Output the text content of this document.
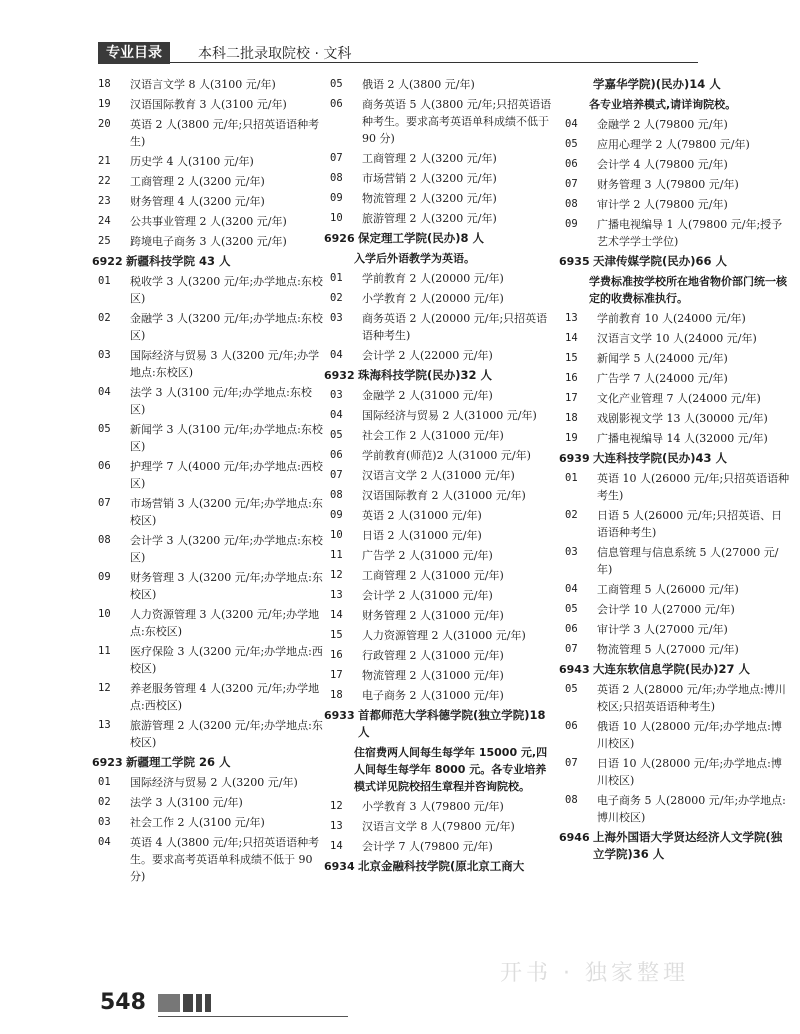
专业目录	本科二批录取院校 · 文科
18	汉语言文学 8 人(3100 元/年)
19	汉语国际教育 3 人(3100 元/年)
20	英语 2 人(3800 元/年;只招英语语种考生)
21	历史学 4 人(3100 元/年)
22	工商管理 2 人(3200 元/年)
23	财务管理 4 人(3200 元/年)
24	公共事业管理 2 人(3200 元/年)
25	跨境电子商务 3 人(3200 元/年)
6922 新疆科技学院 43 人
01	税收学 3 人(3200 元/年;办学地点:东校区)
02	金融学 3 人(3200 元/年;办学地点:东校区)
03	国际经济与贸易 3 人(3200 元/年;办学地点:东校区)
04	法学 3 人(3100 元/年;办学地点:东校区)
05	新闻学 3 人(3100 元/年;办学地点:东校区)
06	护理学 7 人(4000 元/年;办学地点:西校区)
07	市场营销 3 人(3200 元/年;办学地点:东校区)
08	会计学 3 人(3200 元/年;办学地点:东校区)
09	财务管理 3 人(3200 元/年;办学地点:东校区)
10	人力资源管理 3 人(3200 元/年;办学地点:东校区)
11	医疗保险 3 人(3200 元/年;办学地点:西校区)
12	养老服务管理 4 人(3200 元/年;办学地点:西校区)
13	旅游管理 2 人(3200 元/年;办学地点:东校区)
6923 新疆理工学院 26 人
01	国际经济与贸易 2 人(3200 元/年)
02	法学 3 人(3100 元/年)
03	社会工作 2 人(3100 元/年)
04	英语 4 人(3800 元/年;只招英语语种考生。要求高考英语单科成绩不低于 90 分)
05	俄语 2 人(3800 元/年)
06	商务英语 5 人(3800 元/年;只招英语语种考生。要求高考英语单科成绩不低于 90 分)
07	工商管理 2 人(3200 元/年)
08	市场营销 2 人(3200 元/年)
09	物流管理 2 人(3200 元/年)
10	旅游管理 2 人(3200 元/年)
6926 保定理工学院(民办)8 人
入学后外语教学为英语。
01	学前教育 2 人(20000 元/年)
02	小学教育 2 人(20000 元/年)
03	商务英语 2 人(20000 元/年;只招英语语种考生)
04	会计学 2 人(22000 元/年)
6932 珠海科技学院(民办)32 人
03	金融学 2 人(31000 元/年)
04	国际经济与贸易 2 人(31000 元/年)
05	社会工作 2 人(31000 元/年)
06	学前教育(师范)2 人(31000 元/年)
07	汉语言文学 2 人(31000 元/年)
08	汉语国际教育 2 人(31000 元/年)
09	英语 2 人(31000 元/年)
10	日语 2 人(31000 元/年)
11	广告学 2 人(31000 元/年)
12	工商管理 2 人(31000 元/年)
13	会计学 2 人(31000 元/年)
14	财务管理 2 人(31000 元/年)
15	人力资源管理 2 人(31000 元/年)
16	行政管理 2 人(31000 元/年)
17	物流管理 2 人(31000 元/年)
18	电子商务 2 人(31000 元/年)
6933 首都师范大学科德学院(独立学院)18 人
住宿费两人间每生每学年 15000 元,四人间每生每学年 8000 元。各专业培养模式详见院校招生章程并咨询院校。
12	小学教育 3 人(79800 元/年)
13	汉语言文学 8 人(79800 元/年)
14	会计学 7 人(79800 元/年)
6934 北京金融科技学院(原北京工商大
学嘉华学院)(民办)14 人
各专业培养模式,请详询院校。
04	金融学 2 人(79800 元/年)
05	应用心理学 2 人(79800 元/年)
06	会计学 4 人(79800 元/年)
07	财务管理 3 人(79800 元/年)
08	审计学 2 人(79800 元/年)
09	广播电视编导 1 人(79800 元/年;授予艺术学学士学位)
6935 天津传媒学院(民办)66 人
学费标准按学校所在地省物价部门统一核定的收费标准执行。
13	学前教育 10 人(24000 元/年)
14	汉语言文学 10 人(24000 元/年)
15	新闻学 5 人(24000 元/年)
16	广告学 7 人(24000 元/年)
17	文化产业管理 7 人(24000 元/年)
18	戏剧影视文学 13 人(30000 元/年)
19	广播电视编导 14 人(32000 元/年)
6939 大连科技学院(民办)43 人
01	英语 10 人(26000 元/年;只招英语语种考生)
02	日语 5 人(26000 元/年;只招英语、日语语种考生)
03	信息管理与信息系统 5 人(27000 元/年)
04	工商管理 5 人(26000 元/年)
05	会计学 10 人(27000 元/年)
06	审计学 3 人(27000 元/年)
07	物流管理 5 人(27000 元/年)
6943 大连东软信息学院(民办)27 人
05	英语 2 人(28000 元/年;办学地点:博川校区;只招英语语种考生)
06	俄语 10 人(28000 元/年;办学地点:博川校区)
07	日语 10 人(28000 元/年;办学地点:博川校区)
08	电子商务 5 人(28000 元/年;办学地点:博川校区)
6946 上海外国语大学贤达经济人文学院(独立学院)36 人
548
开书 · 独家整理
